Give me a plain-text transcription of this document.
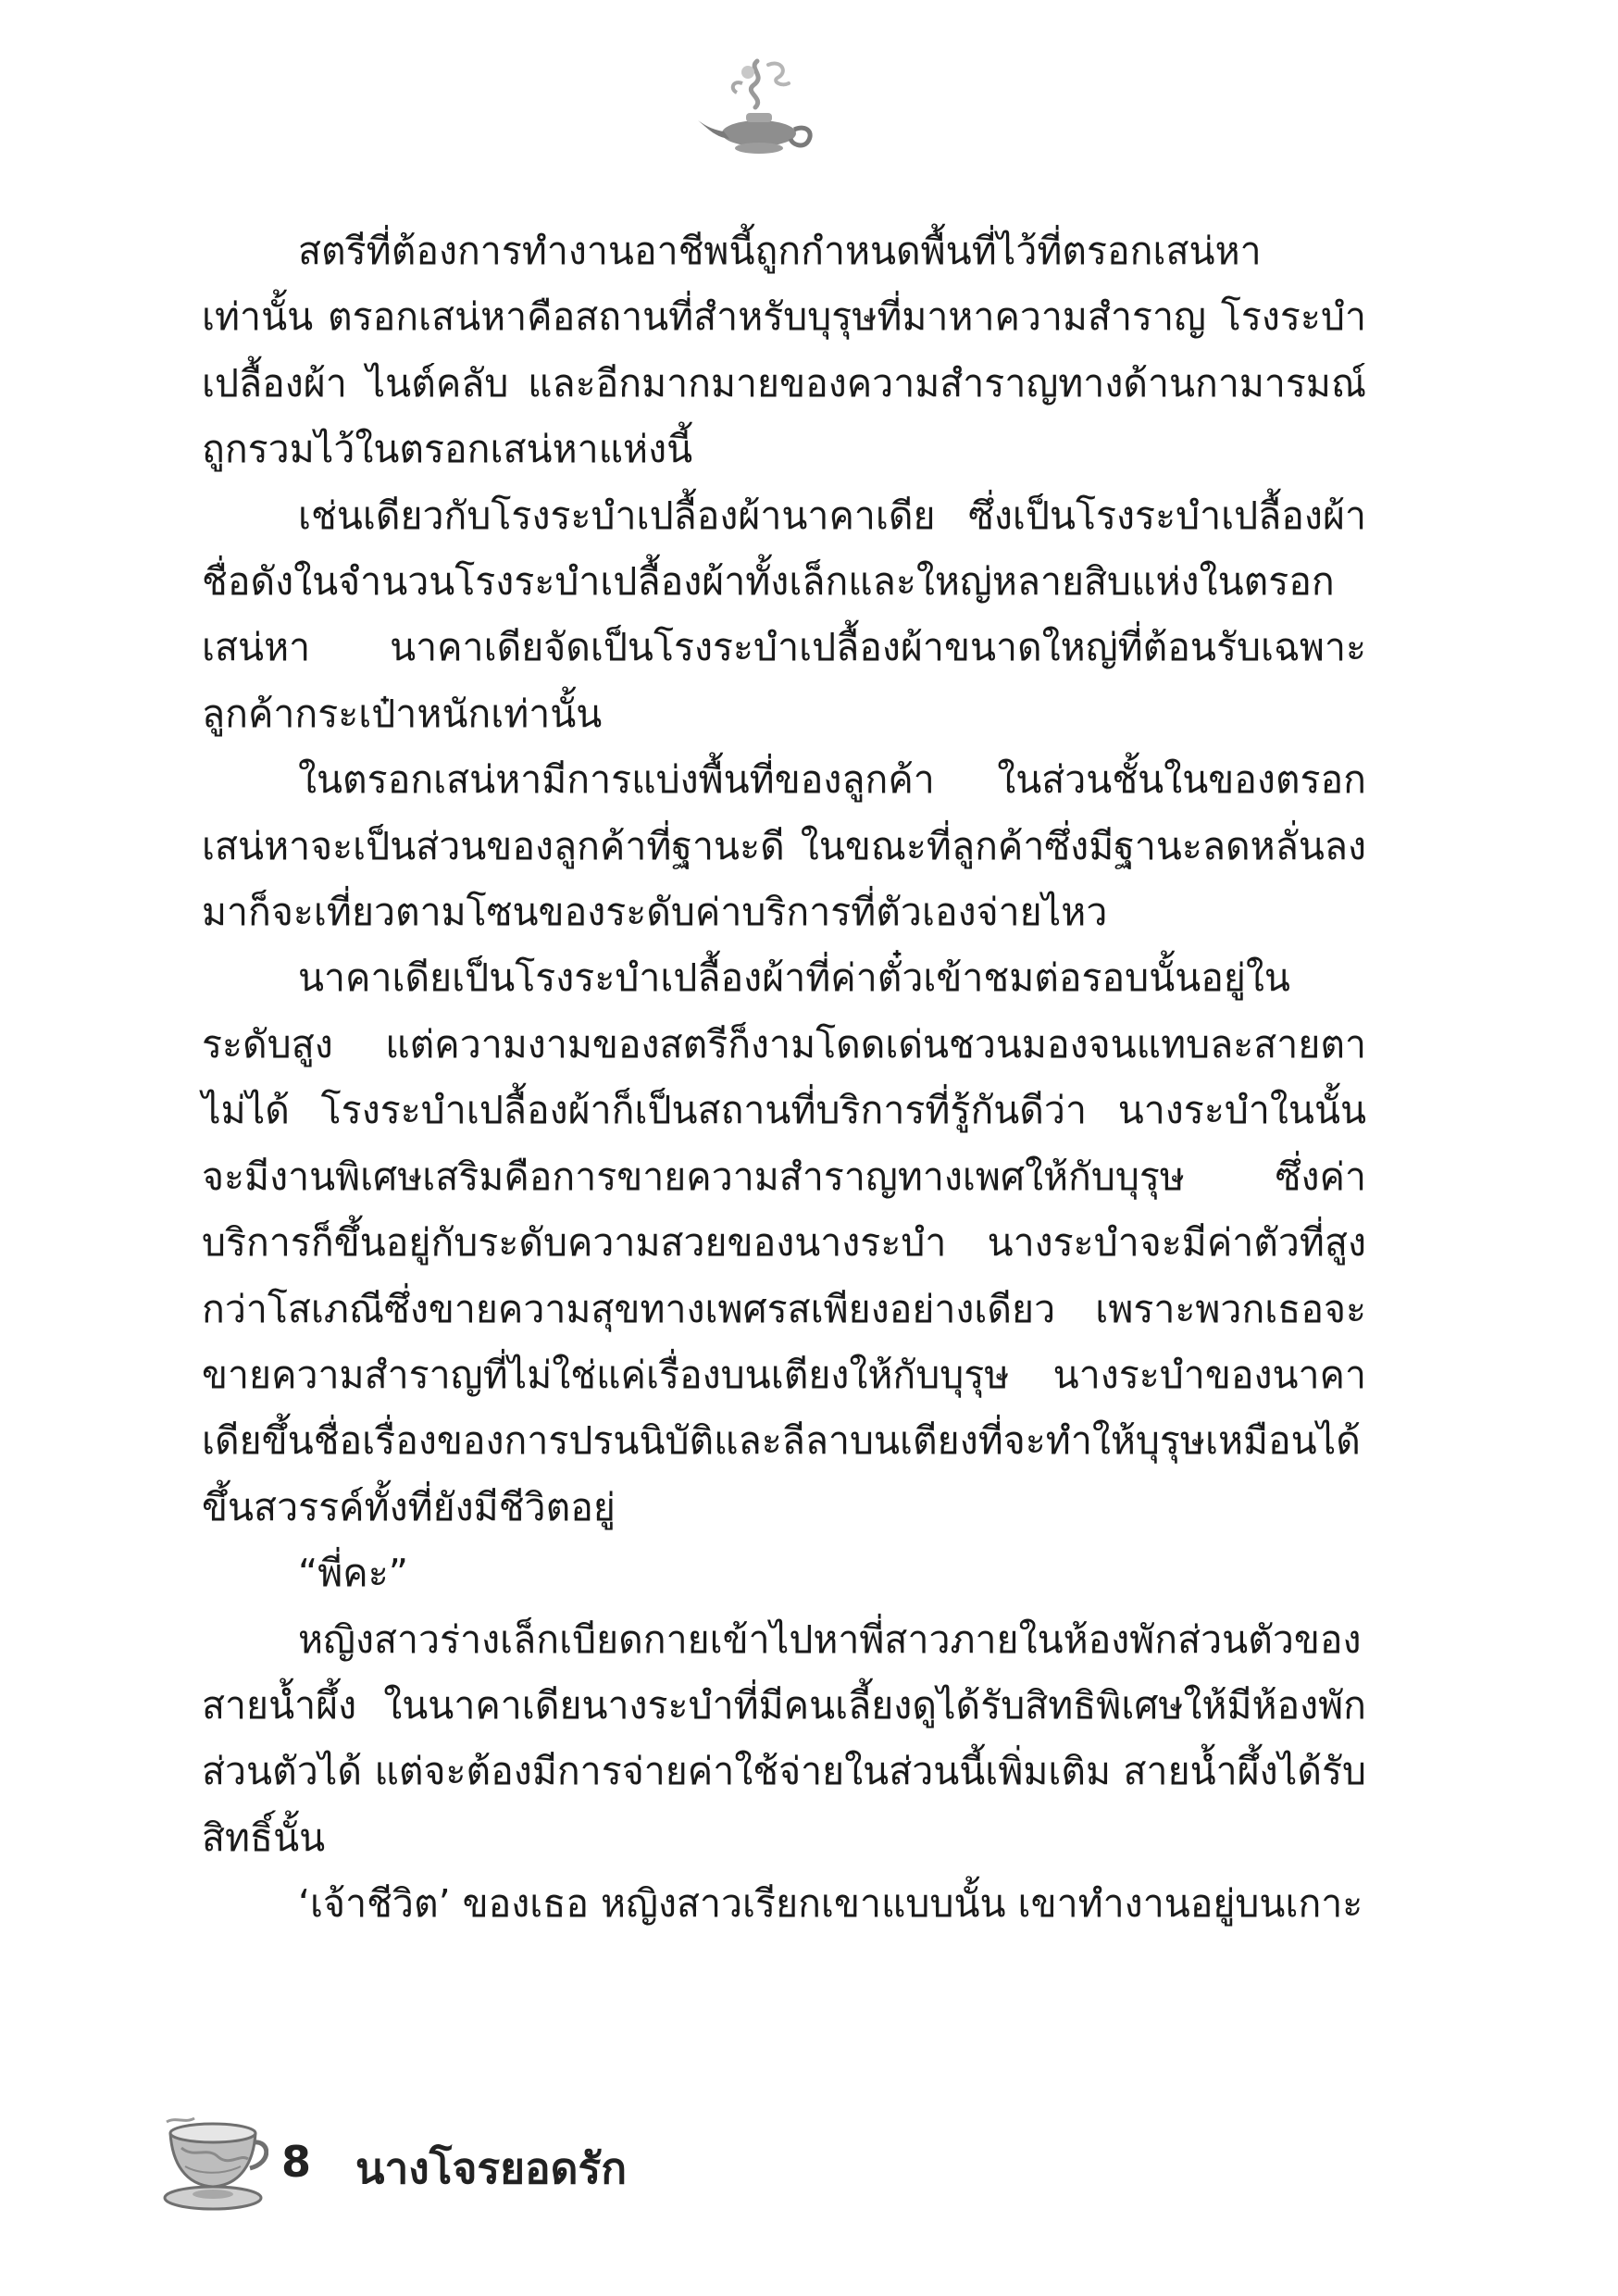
สตรีที่ต้องการทำงานอาชีพนี้ถูกกำหนดพื้นที่ไว้ที่ตรอกเสน่หาเท่านั้น ตรอกเสน่หาคือสถานที่สำหรับบุรุษที่มาหาความสำราญ โรงระบำเปลื้องผ้า ไนต์คลับ และอีกมากมายของความสำราญทางด้านกามารมณ์ถูกรวมไว้ในตรอกเสน่หาแห่งนี้

เช่นเดียวกับโรงระบำเปลื้องผ้านาคาเดีย ซึ่งเป็นโรงระบำเปลื้องผ้าชื่อดังในจำนวนโรงระบำเปลื้องผ้าทั้งเล็กและใหญ่หลายสิบแห่งในตรอกเสน่หา นาคาเดียจัดเป็นโรงระบำเปลื้องผ้าขนาดใหญ่ที่ต้อนรับเฉพาะลูกค้ากระเป๋าหนักเท่านั้น

ในตรอกเสน่หามีการแบ่งพื้นที่ของลูกค้า ในส่วนชั้นในของตรอกเสน่หาจะเป็นส่วนของลูกค้าที่ฐานะดี ในขณะที่ลูกค้าซึ่งมีฐานะลดหลั่นลงมาก็จะเที่ยวตามโซนของระดับค่าบริการที่ตัวเองจ่ายไหว

นาคาเดียเป็นโรงระบำเปลื้องผ้าที่ค่าตั๋วเข้าชมต่อรอบนั้นอยู่ในระดับสูง แต่ความงามของสตรีก็งามโดดเด่นชวนมองจนแทบละสายตาไม่ได้ โรงระบำเปลื้องผ้าก็เป็นสถานที่บริการที่รู้กันดีว่า นางระบำในนั้นจะมีงานพิเศษเสริมคือการขายความสำราญทางเพศให้กับบุรุษ ซึ่งค่าบริการก็ขึ้นอยู่กับระดับความสวยของนางระบำ นางระบำจะมีค่าตัวที่สูงกว่าโสเภณีซึ่งขายความสุขทางเพศรสเพียงอย่างเดียว เพราะพวกเธอจะขายความสำราญที่ไม่ใช่แค่เรื่องบนเตียงให้กับบุรุษ นางระบำของนาคาเดียขึ้นชื่อเรื่องของการปรนนิบัติและลีลาบนเตียงที่จะทำให้บุรุษเหมือนได้ขึ้นสวรรค์ทั้งที่ยังมีชีวิตอยู่

“พี่คะ”

หญิงสาวร่างเล็กเบียดกายเข้าไปหาพี่สาวภายในห้องพักส่วนตัวของสายน้ำผึ้ง ในนาคาเดียนางระบำที่มีคนเลี้ยงดูได้รับสิทธิพิเศษให้มีห้องพักส่วนตัวได้ แต่จะต้องมีการจ่ายค่าใช้จ่ายในส่วนนี้เพิ่มเติม สายน้ำผึ้งได้รับสิทธิ์นั้น

‘เจ้าชีวิต’ ของเธอ หญิงสาวเรียกเขาแบบนั้น เขาทำงานอยู่บนเกาะ

8 นางโจรยอดรัก
